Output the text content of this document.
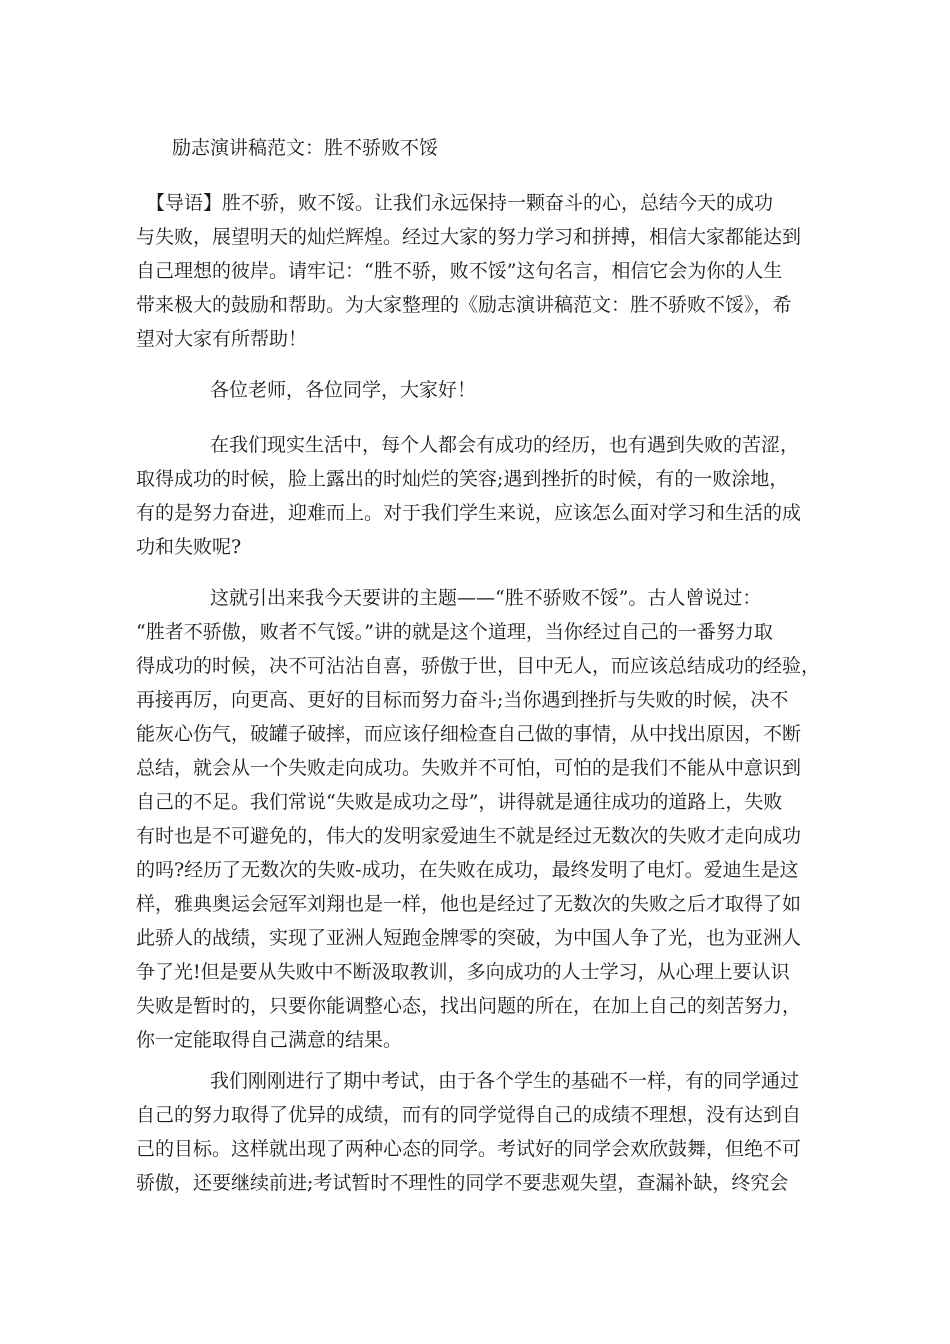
励志演讲稿范文：胜不骄败不馁
【导语】胜不骄，败不馁。让我们永远保持一颗奋斗的心，总结今天的成功
与失败，展望明天的灿烂辉煌。经过大家的努力学习和拼搏，相信大家都能达到
自己理想的彼岸。请牢记：“胜不骄，败不馁”这句名言，相信它会为你的人生
带来极大的鼓励和帮助。为大家整理的《励志演讲稿范文：胜不骄败不馁》，希
望对大家有所帮助！
各位老师，各位同学，大家好！
在我们现实生活中，每个人都会有成功的经历，也有遇到失败的苦涩，
取得成功的时候，脸上露出的时灿烂的笑容;遇到挫折的时候，有的一败涂地，
有的是努力奋进，迎难而上。对于我们学生来说，应该怎么面对学习和生活的成
功和失败呢?
这就引出来我今天要讲的主题——“胜不骄败不馁”。古人曾说过：
“胜者不骄傲，败者不气馁。”讲的就是这个道理，当你经过自己的一番努力取
得成功的时候，决不可沾沾自喜，骄傲于世，目中无人，而应该总结成功的经验，
再接再厉，向更高、更好的目标而努力奋斗;当你遇到挫折与失败的时候，决不
能灰心伤气，破罐子破摔，而应该仔细检查自己做的事情，从中找出原因，不断
总结，就会从一个失败走向成功。失败并不可怕，可怕的是我们不能从中意识到
自己的不足。我们常说“失败是成功之母”，讲得就是通往成功的道路上，失败
有时也是不可避免的，伟大的发明家爱迪生不就是经过无数次的失败才走向成功
的吗?经历了无数次的失败-成功，在失败在成功，最终发明了电灯。爱迪生是这
样，雅典奥运会冠军刘翔也是一样，他也是经过了无数次的失败之后才取得了如
此骄人的战绩，实现了亚洲人短跑金牌零的突破，为中国人争了光，也为亚洲人
争了光!但是要从失败中不断汲取教训，多向成功的人士学习，从心理上要认识
失败是暂时的，只要你能调整心态，找出问题的所在，在加上自己的刻苦努力，
你一定能取得自己满意的结果。
我们刚刚进行了期中考试，由于各个学生的基础不一样，有的同学通过
自己的努力取得了优异的成绩，而有的同学觉得自己的成绩不理想，没有达到自
己的目标。这样就出现了两种心态的同学。考试好的同学会欢欣鼓舞，但绝不可
骄傲，还要继续前进;考试暂时不理性的同学不要悲观失望，查漏补缺，终究会
